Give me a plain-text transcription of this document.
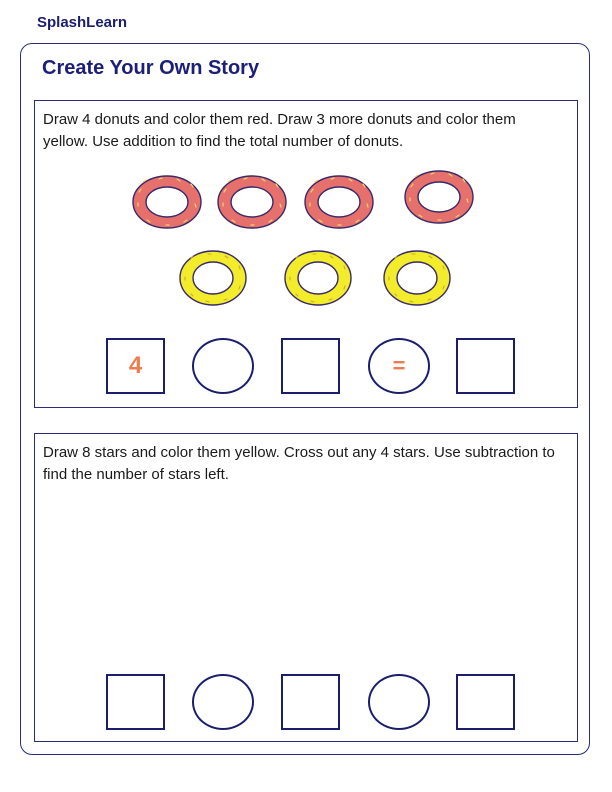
SplashLearn
Create Your Own Story
Draw 4 donuts and color them red. Draw 3 more donuts and color them yellow. Use addition to find the total number of donuts.
4	=
Draw 8 stars and color them yellow. Cross out any 4 stars. Use subtraction to find the number of stars left.
